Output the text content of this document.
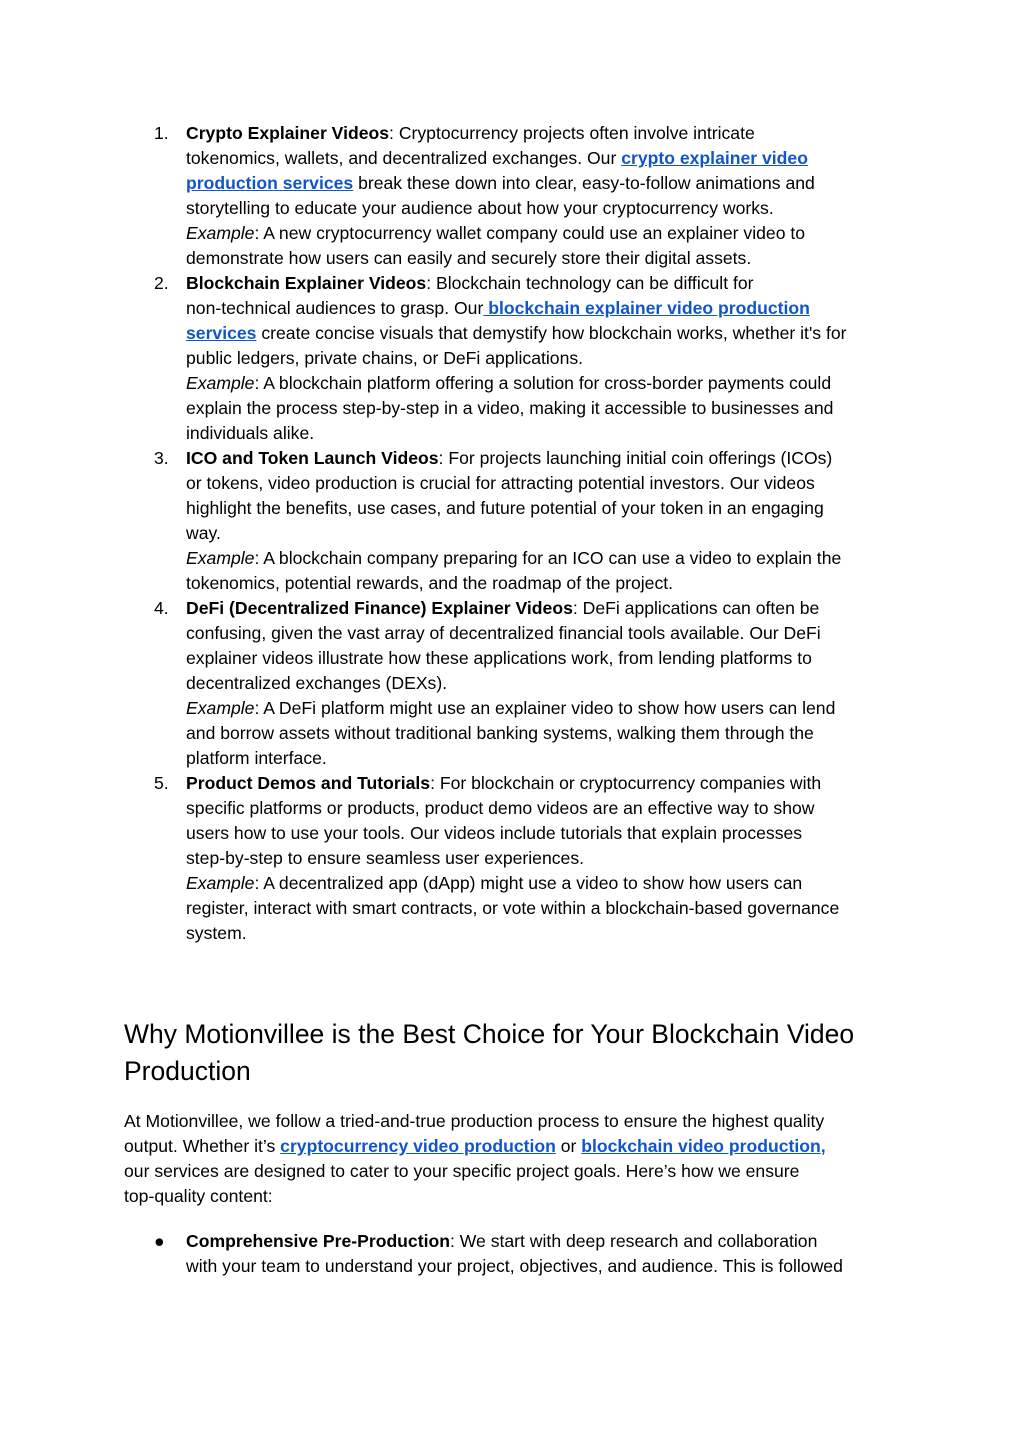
1. Crypto Explainer Videos: Cryptocurrency projects often involve intricate
tokenomics, wallets, and decentralized exchanges. Our crypto explainer video
production services break these down into clear, easy-to-follow animations and
storytelling to educate your audience about how your cryptocurrency works.
Example: A new cryptocurrency wallet company could use an explainer video to
demonstrate how users can easily and securely store their digital assets.
2. Blockchain Explainer Videos: Blockchain technology can be difficult for
non-technical audiences to grasp. Our blockchain explainer video production
services create concise visuals that demystify how blockchain works, whether it's for
public ledgers, private chains, or DeFi applications.
Example: A blockchain platform offering a solution for cross-border payments could
explain the process step-by-step in a video, making it accessible to businesses and
individuals alike.
3. ICO and Token Launch Videos: For projects launching initial coin offerings (ICOs)
or tokens, video production is crucial for attracting potential investors. Our videos
highlight the benefits, use cases, and future potential of your token in an engaging
way.
Example: A blockchain company preparing for an ICO can use a video to explain the
tokenomics, potential rewards, and the roadmap of the project.
4. DeFi (Decentralized Finance) Explainer Videos: DeFi applications can often be
confusing, given the vast array of decentralized financial tools available. Our DeFi
explainer videos illustrate how these applications work, from lending platforms to
decentralized exchanges (DEXs).
Example: A DeFi platform might use an explainer video to show how users can lend
and borrow assets without traditional banking systems, walking them through the
platform interface.
5. Product Demos and Tutorials: For blockchain or cryptocurrency companies with
specific platforms or products, product demo videos are an effective way to show
users how to use your tools. Our videos include tutorials that explain processes
step-by-step to ensure seamless user experiences.
Example: A decentralized app (dApp) might use a video to show how users can
register, interact with smart contracts, or vote within a blockchain-based governance
system.
Why Motionvillee is the Best Choice for Your Blockchain Video
Production
At Motionvillee, we follow a tried-and-true production process to ensure the highest quality
output. Whether it’s cryptocurrency video production or blockchain video production,
our services are designed to cater to your specific project goals. Here’s how we ensure
top-quality content:
● Comprehensive Pre-Production: We start with deep research and collaboration
with your team to understand your project, objectives, and audience. This is followed
